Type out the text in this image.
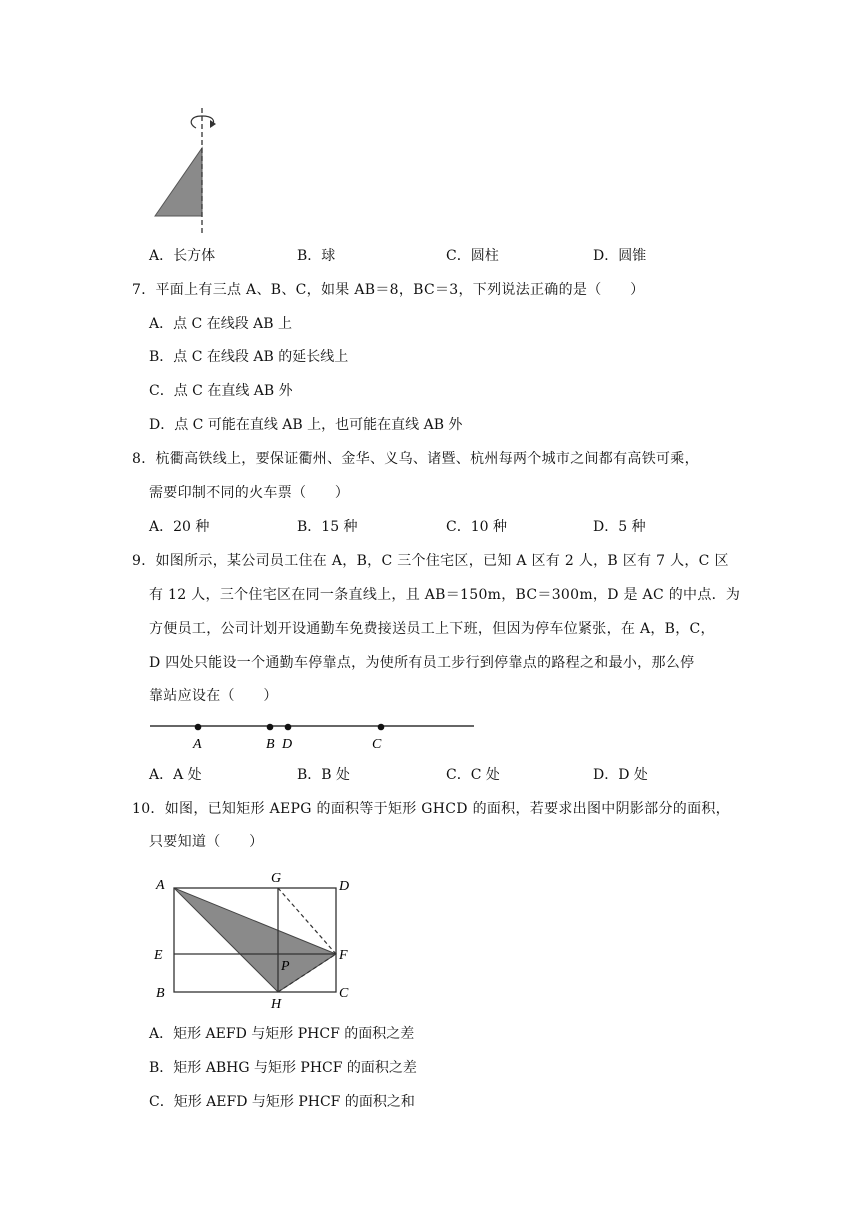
A．长方体	B．球	C．圆柱	D．圆锥
7．平面上有三点 A、B、C，如果 AB＝8，BC＝3，下列说法正确的是（　　）
A．点 C 在线段 AB 上
B．点 C 在线段 AB 的延长线上
C．点 C 在直线 AB 外
D．点 C 可能在直线 AB 上，也可能在直线 AB 外
8．杭衢高铁线上，要保证衢州、金华、义乌、诸暨、杭州每两个城市之间都有高铁可乘，
需要印制不同的火车票（　　）
A．20 种	B．15 种	C．10 种	D．5 种
9．如图所示，某公司员工住在 A，B，C 三个住宅区，已知 A 区有 2 人，B 区有 7 人，C 区
有 12 人，三个住宅区在同一条直线上，且 AB＝150m，BC＝300m，D 是 AC 的中点．为
方便员工，公司计划开设通勤车免费接送员工上下班，但因为停车位紧张，在 A，B，C，
D 四处只能设一个通勤车停靠点，为使所有员工步行到停靠点的路程之和最小，那么停
靠站应设在（　　）
A	B D	C
A．A 处	B．B 处	C．C 处	D．D 处
10．如图，已知矩形 AEPG 的面积等于矩形 GHCD 的面积，若要求出图中阴影部分的面积，
只要知道（　　）
A	G
D
E
P
F
B
H
C
A．矩形 AEFD 与矩形 PHCF 的面积之差
B．矩形 ABHG 与矩形 PHCF 的面积之差
C．矩形 AEFD 与矩形 PHCF 的面积之和
